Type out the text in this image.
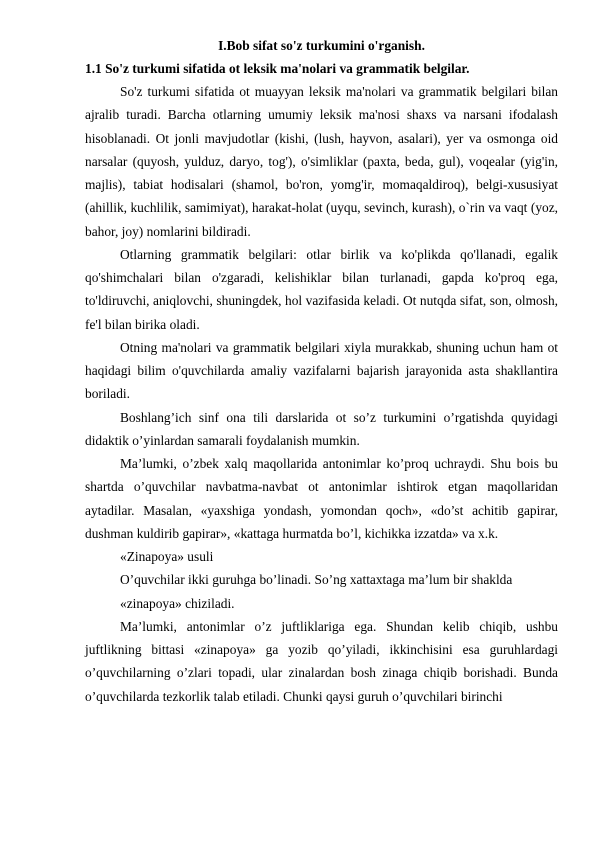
I.Bob sifat so'z turkumini o'rganish.

1.1 So'z turkumi sifatida ot leksik ma'nolari va grammatik belgilar.

So'z turkumi sifatida ot muayyan leksik ma'nolari va grammatik belgilari bilan ajralib turadi. Barcha otlarning umumiy leksik ma'nosi shaxs va narsani ifodalash hisoblanadi. Ot jonli mavjudotlar (kishi, (lush, hayvon, asalari), yer va osmonga oid narsalar (quyosh, yulduz, daryo, tog'), o'simliklar (paxta, beda, gul), voqealar (yig'in, majlis), tabiat hodisalari (shamol, bo'ron, yomg'ir, momaqaldiroq), belgi-xususiyat (ahillik, kuchlilik, samimiyat), harakat-holat (uyqu, sevinch, kurash), o`rin va vaqt (yoz, bahor, joy) nomlarini bildiradi.

Otlarning grammatik belgilari: otlar birlik va ko'plikda qo'llanadi, egalik qo'shimchalari bilan o'zgaradi, kelishiklar bilan turlanadi, gapda ko'proq ega, to'ldiruvchi, aniqlovchi, shuningdek, hol vazifasida keladi. Ot nutqda sifat, son, olmosh, fe'l bilan birika oladi.

Otning ma'nolari va grammatik belgilari xiyla murakkab, shuning uchun ham ot haqidagi bilim o'quvchilarda amaliy vazifalarni bajarish jarayonida asta shakllantira boriladi.

Boshlang’ich sinf ona tili darslarida ot so’z turkumini o’rgatishda quyidagi didaktik o’yinlardan samarali foydalanish mumkin.

Ma’lumki, o’zbek xalq maqollarida antonimlar ko’proq uchraydi. Shu bois bu shartda o’quvchilar navbatma-navbat ot antonimlar ishtirok etgan maqollaridan aytadilar. Masalan, «yaxshiga yondash, yomondan qoch», «do’st achitib gapirar, dushman kuldirib gapirar», «kattaga hurmatda bo’l, kichikka izzatda» va x.k.

«Zinapoya» usuli

O’quvchilar ikki guruhga bo’linadi. So’ng xattaxtaga ma’lum bir shaklda

«zinapoya» chiziladi.

Ma’lumki, antonimlar o’z juftliklariga ega. Shundan kelib chiqib, ushbu juftlikning bittasi «zinapoya» ga yozib qo’yiladi, ikkinchisini esa guruhlardagi o’quvchilarning o’zlari topadi, ular zinalardan bosh zinaga chiqib borishadi. Bunda o’quvchilarda tezkorlik talab etiladi. Chunki qaysi guruh o’quvchilari birinchi
